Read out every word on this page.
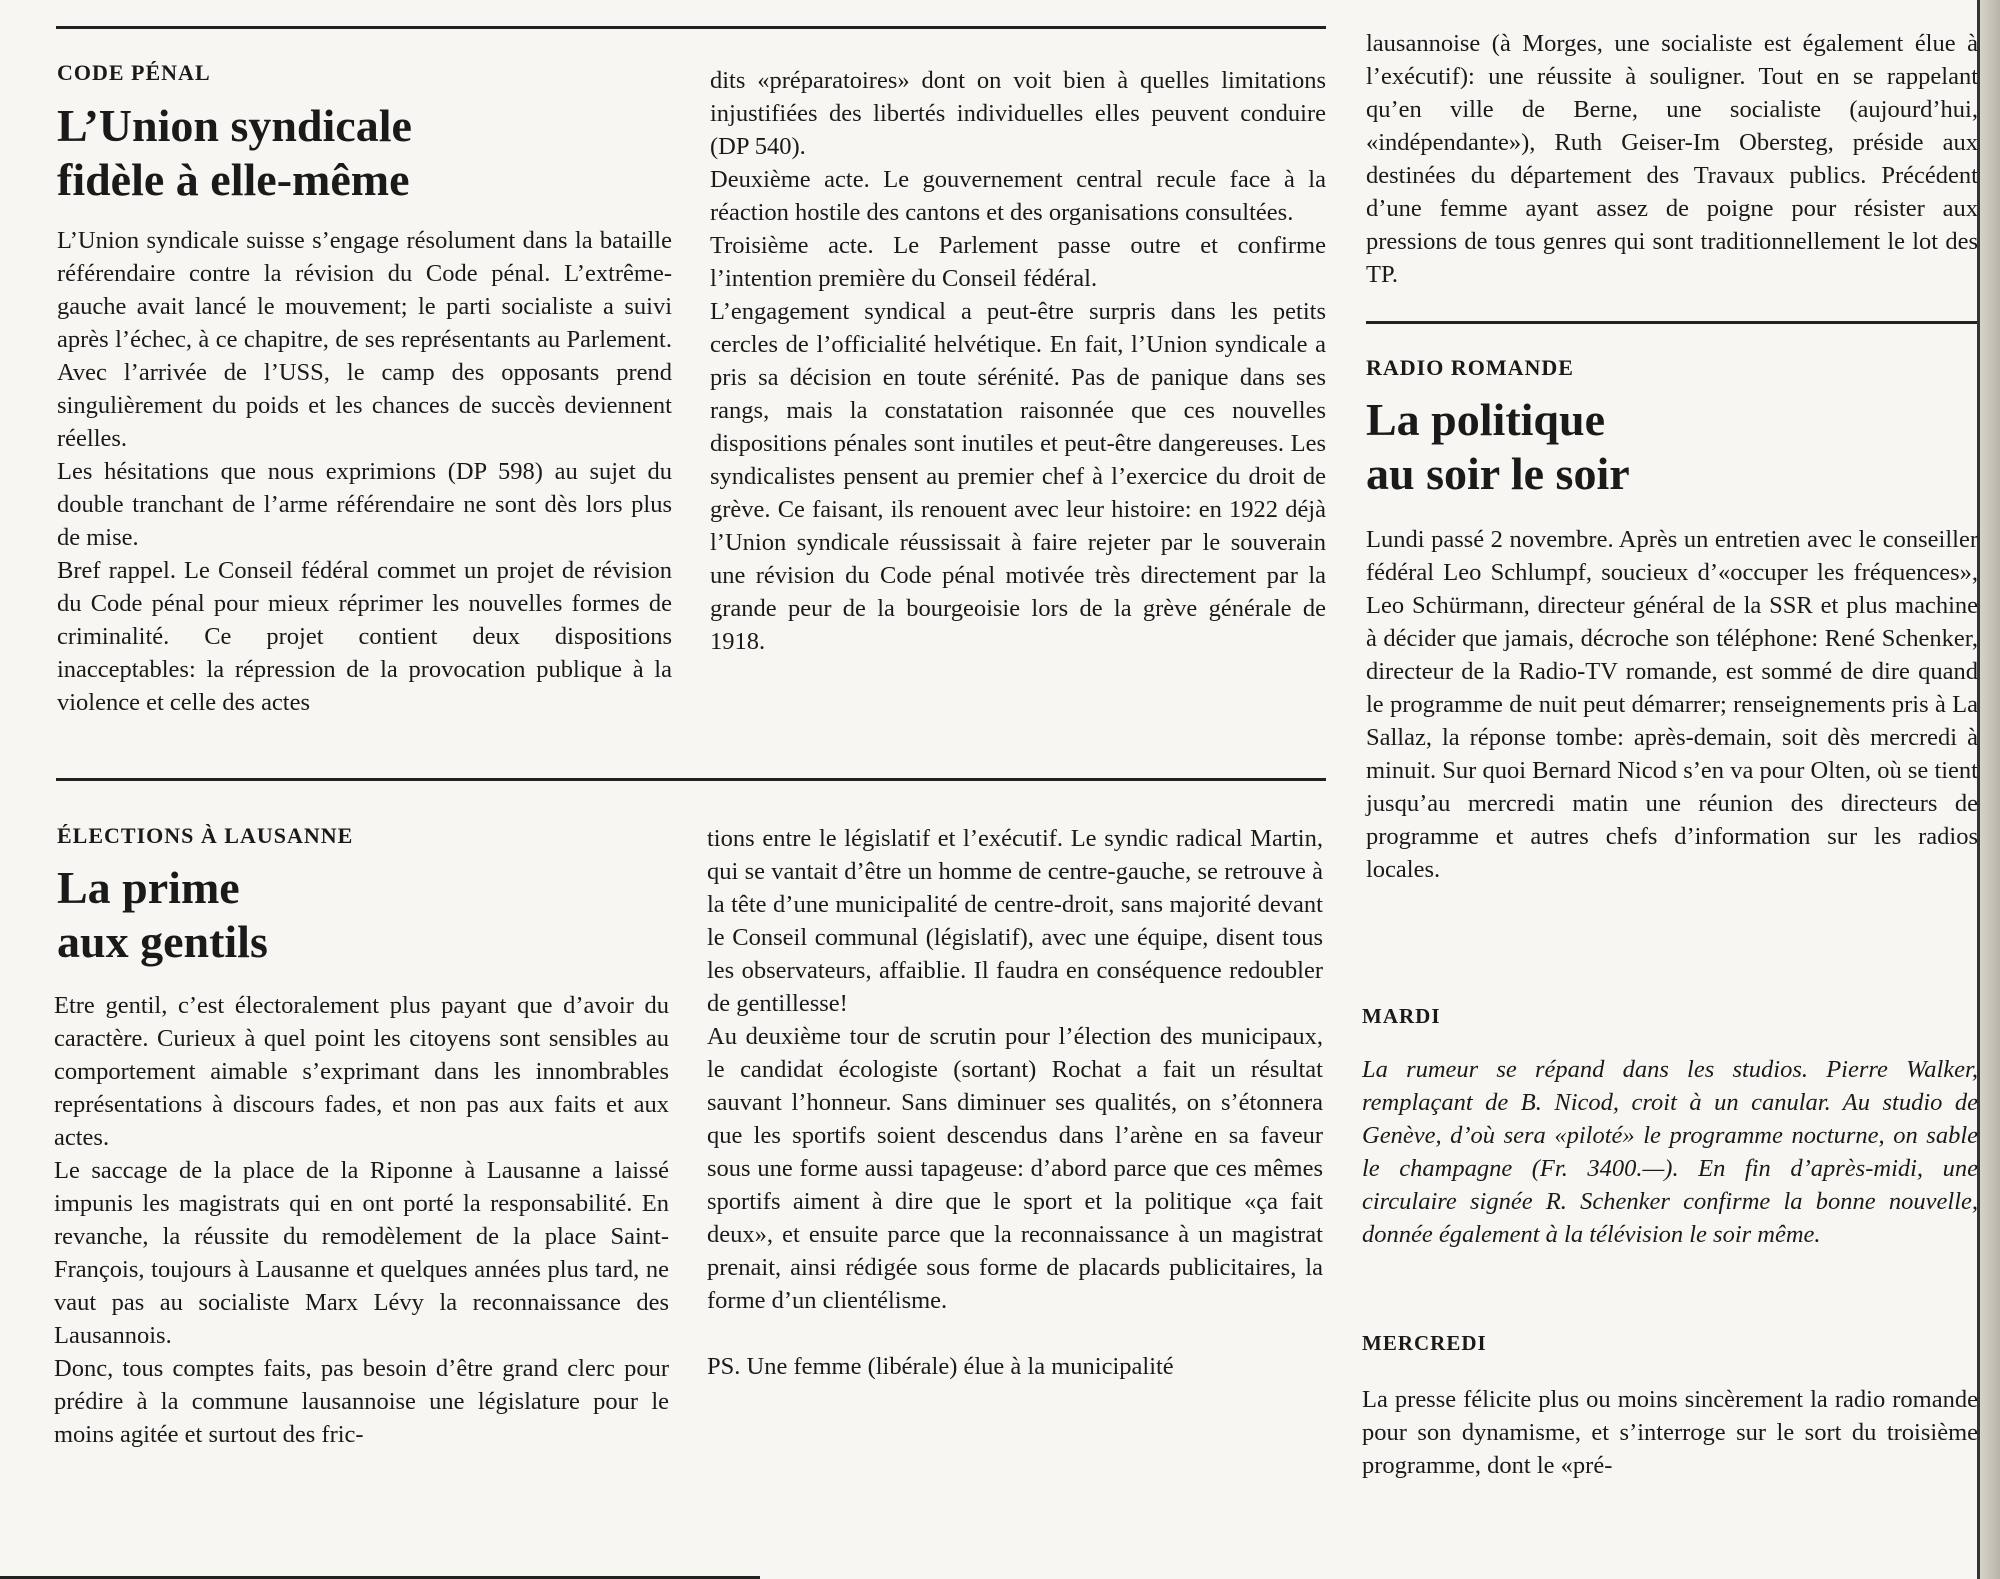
CODE PÉNAL
L’Union syndicale
fidèle à elle-même

L’Union syndicale suisse s’engage résolument dans la bataille référendaire contre la révision du Code pénal. L’extrême-gauche avait lancé le mouvement; le parti socialiste a suivi après l’échec, à ce chapitre, de ses représentants au Parlement. Avec l’arrivée de l’USS, le camp des opposants prend singulièrement du poids et les chances de succès deviennent réelles.

Les hésitations que nous exprimions (DP 598) au sujet du double tranchant de l’arme référendaire ne sont dès lors plus de mise.

Bref rappel. Le Conseil fédéral commet un projet de révision du Code pénal pour mieux réprimer les nouvelles formes de criminalité. Ce projet contient deux dispositions inacceptables: la répression de la provocation publique à la violence et celle des actes

dits «préparatoires» dont on voit bien à quelles limitations injustifiées des libertés individuelles elles peuvent conduire (DP 540).

Deuxième acte. Le gouvernement central recule face à la réaction hostile des cantons et des organisations consultées.

Troisième acte. Le Parlement passe outre et confirme l’intention première du Conseil fédéral.

L’engagement syndical a peut-être surpris dans les petits cercles de l’officialité helvétique. En fait, l’Union syndicale a pris sa décision en toute sérénité. Pas de panique dans ses rangs, mais la constatation raisonnée que ces nouvelles dispositions pénales sont inutiles et peut-être dangereuses. Les syndicalistes pensent au premier chef à l’exercice du droit de grève. Ce faisant, ils renouent avec leur histoire: en 1922 déjà l’Union syndicale réussissait à faire rejeter par le souverain une révision du Code pénal motivée très directement par la grande peur de la bourgeoisie lors de la grève générale de 1918.

ÉLECTIONS À LAUSANNE
La prime
aux gentils

Etre gentil, c’est électoralement plus payant que d’avoir du caractère. Curieux à quel point les citoyens sont sensibles au comportement aimable s’exprimant dans les innombrables représentations à discours fades, et non pas aux faits et aux actes.

Le saccage de la place de la Riponne à Lausanne a laissé impunis les magistrats qui en ont porté la responsabilité. En revanche, la réussite du remodèlement de la place Saint-François, toujours à Lausanne et quelques années plus tard, ne vaut pas au socialiste Marx Lévy la reconnaissance des Lausannois.

Donc, tous comptes faits, pas besoin d’être grand clerc pour prédire à la commune lausannoise une législature pour le moins agitée et surtout des fric-

tions entre le législatif et l’exécutif. Le syndic radical Martin, qui se vantait d’être un homme de centre-gauche, se retrouve à la tête d’une municipalité de centre-droit, sans majorité devant le Conseil communal (législatif), avec une équipe, disent tous les observateurs, affaiblie. Il faudra en conséquence redoubler de gentillesse!

Au deuxième tour de scrutin pour l’élection des municipaux, le candidat écologiste (sortant) Rochat a fait un résultat sauvant l’honneur. Sans diminuer ses qualités, on s’étonnera que les sportifs soient descendus dans l’arène en sa faveur sous une forme aussi tapageuse: d’abord parce que ces mêmes sportifs aiment à dire que le sport et la politique «ça fait deux», et ensuite parce que la reconnaissance à un magistrat prenait, ainsi rédigée sous forme de placards publicitaires, la forme d’un clientélisme.

PS. Une femme (libérale) élue à la municipalité

lausannoise (à Morges, une socialiste est également élue à l’exécutif): une réussite à souligner. Tout en se rappelant qu’en ville de Berne, une socialiste (aujourd’hui, «indépendante»), Ruth Geiser-Im Obersteg, préside aux destinées du département des Travaux publics. Précédent d’une femme ayant assez de poigne pour résister aux pressions de tous genres qui sont traditionnellement le lot des TP.

RADIO ROMANDE
La politique
au soir le soir

Lundi passé 2 novembre. Après un entretien avec le conseiller fédéral Leo Schlumpf, soucieux d’«occuper les fréquences», Leo Schürmann, directeur général de la SSR et plus machine à décider que jamais, décroche son téléphone: René Schenker, directeur de la Radio-TV romande, est sommé de dire quand le programme de nuit peut démarrer; renseignements pris à La Sallaz, la réponse tombe: après-demain, soit dès mercredi à minuit. Sur quoi Bernard Nicod s’en va pour Olten, où se tient jusqu’au mercredi matin une réunion des directeurs de programme et autres chefs d’information sur les radios locales.

MARDI

La rumeur se répand dans les studios. Pierre Walker, remplaçant de B. Nicod, croit à un canular. Au studio de Genève, d’où sera «piloté» le programme nocturne, on sable le champagne (Fr. 3400.—). En fin d’après-midi, une circulaire signée R. Schenker confirme la bonne nouvelle, donnée également à la télévision le soir même.

MERCREDI

La presse félicite plus ou moins sincèrement la radio romande pour son dynamisme, et s’interroge sur le sort du troisième programme, dont le «pré-
